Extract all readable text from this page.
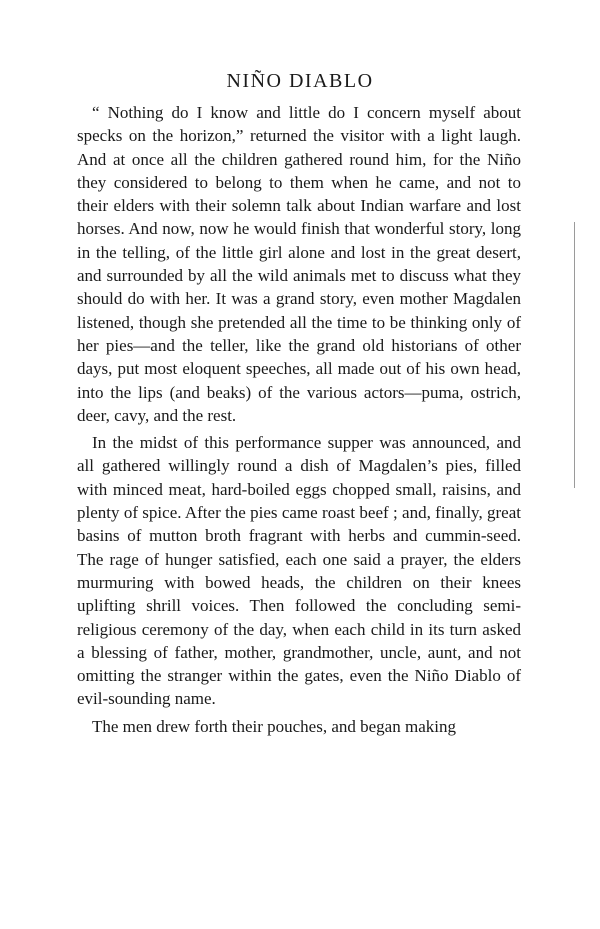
NIÑO DIABLO

“ Nothing do I know and little do I concern myself about specks on the horizon,” returned the visitor with a light laugh. And at once all the children gathered round him, for the Niño they considered to belong to them when he came, and not to their elders with their solemn talk about Indian warfare and lost horses. And now, now he would finish that wonderful story, long in the telling, of the little girl alone and lost in the great desert, and surrounded by all the wild animals met to discuss what they should do with her. It was a grand story, even mother Magdalen listened, though she pretended all the time to be thinking only of her pies—and the teller, like the grand old historians of other days, put most eloquent speeches, all made out of his own head, into the lips (and beaks) of the various actors—puma, ostrich, deer, cavy, and the rest.

In the midst of this performance supper was announced, and all gathered willingly round a dish of Magdalen’s pies, filled with minced meat, hard-boiled eggs chopped small, raisins, and plenty of spice. After the pies came roast beef ; and, finally, great basins of mutton broth fragrant with herbs and cummin-seed. The rage of hunger satisfied, each one said a prayer, the elders murmuring with bowed heads, the children on their knees uplifting shrill voices. Then followed the concluding semi-religious ceremony of the day, when each child in its turn asked a blessing of father, mother, grandmother, uncle, aunt, and not omitting the stranger within the gates, even the Niño Diablo of evil-sounding name.

The men drew forth their pouches, and began making
